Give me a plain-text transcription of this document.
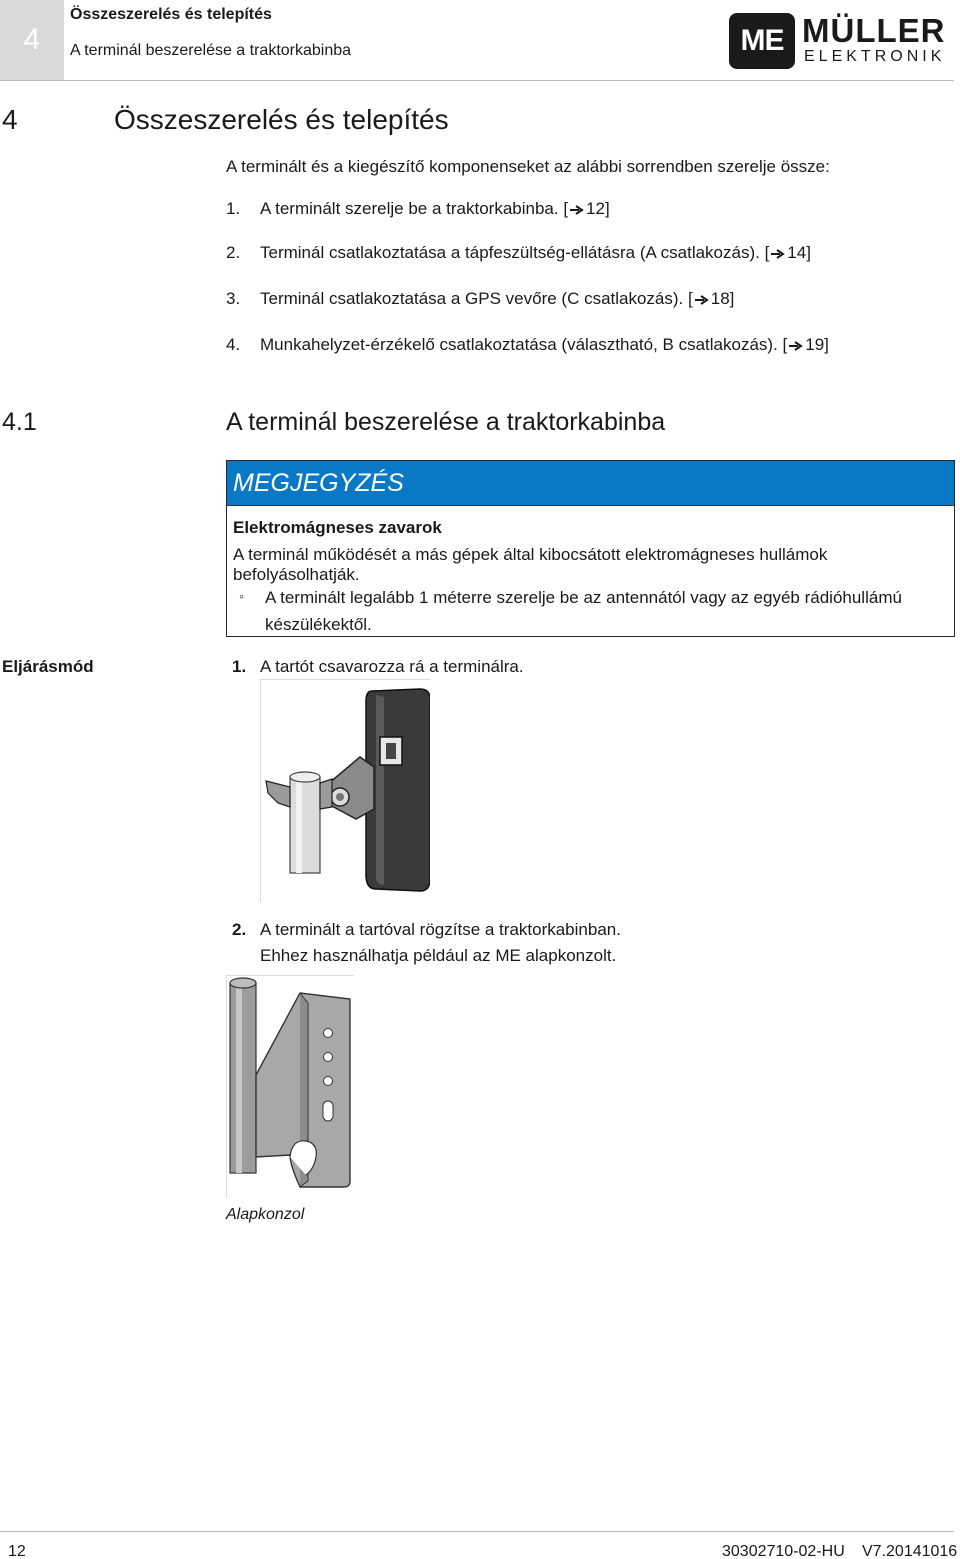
4
Összeszerelés és telepítés
A terminál beszerelése a traktorkabinba	ME MÜLLER
ELEKTRONIK
4	Összeszerelés és telepítés
A terminált és a kiegészítő komponenseket az alábbi sorrendben szerelje össze:
1. A terminált szerelje be a traktorkabinba. [ 12]
2. Terminál csatlakoztatása a tápfeszültség-ellátásra (A csatlakozás). [ 14]
3. Terminál csatlakoztatása a GPS vevőre (C csatlakozás). [ 18]
4. Munkahelyzet-érzékelő csatlakoztatása (választható, B csatlakozás). [ 19]
4.1	A terminál beszerelése a traktorkabinba
MEGJEGYZÉS
Elektromágneses zavarok
A terminál működését a más gépek által kibocsátott elektromágneses hullámok befolyásolhatják.
◦ A terminált legalább 1 méterre szerelje be az antennától vagy az egyéb rádióhullámú készülékektől.
Eljárásmód	1. A tartót csavarozza rá a terminálra.
2. A terminált a tartóval rögzítse a traktorkabinban.
Ehhez használhatja például az ME alapkonzolt.
Alapkonzol
12	30302710-02-HU V7.20141016
